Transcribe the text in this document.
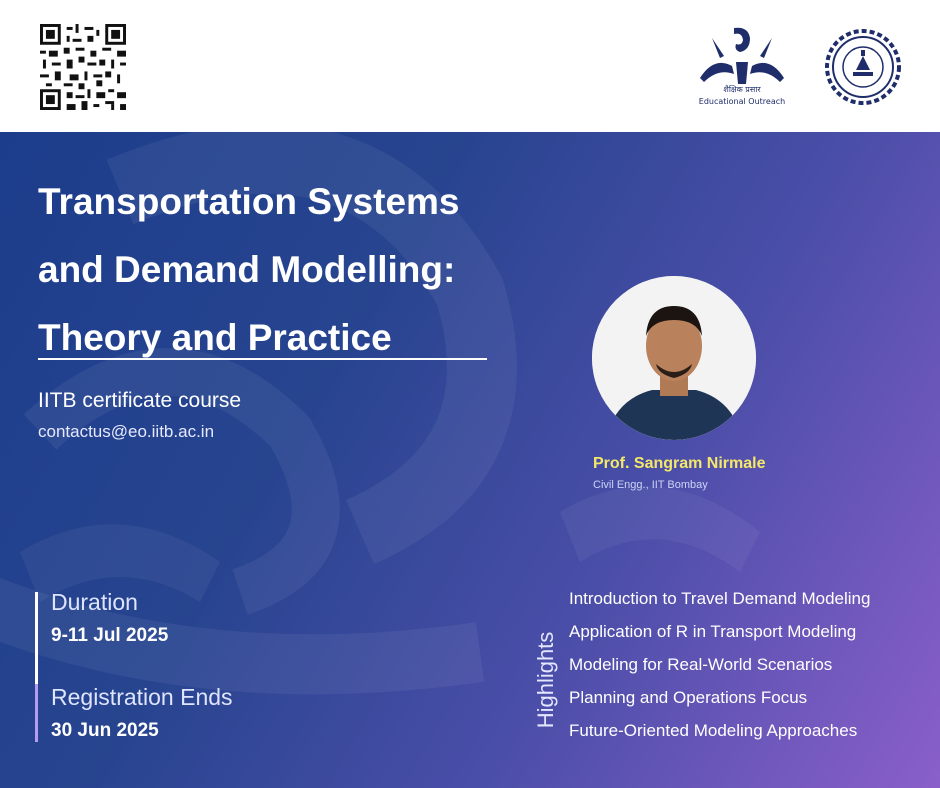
शैक्षिक प्रसार
Educational Outreach
Transportation Systems
and Demand Modelling:
Theory and Practice
IITB certificate course
contactus@eo.iitb.ac.in
Prof. Sangram Nirmale
Civil Engg., IIT Bombay
Duration
9-11 Jul 2025
Registration Ends
30 Jun 2025
Highlights
Introduction to Travel Demand Modeling
Application of R in Transport Modeling
Modeling for Real-World Scenarios
Planning and Operations Focus
Future-Oriented Modeling Approaches
